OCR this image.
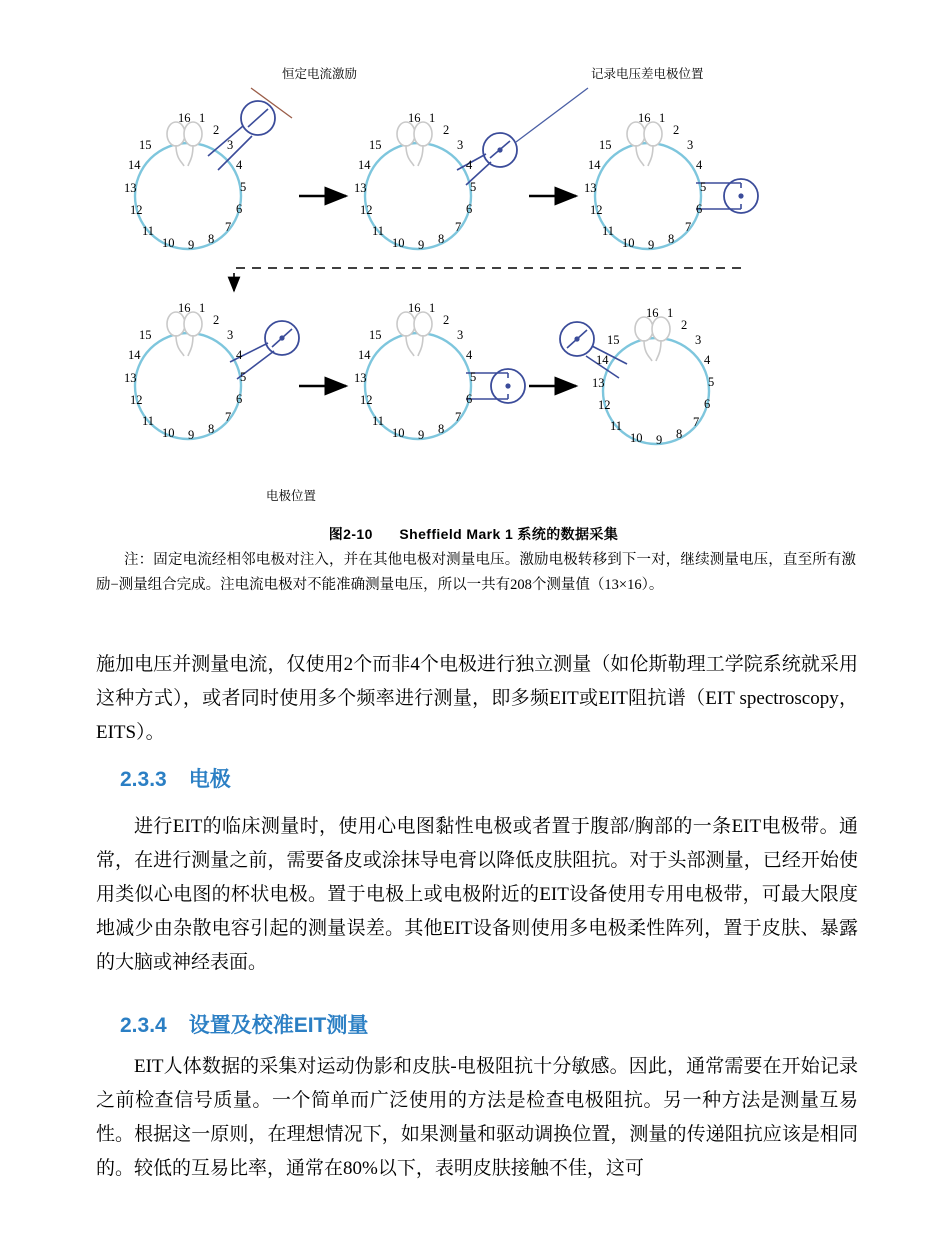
16 1
2
3
4
5
6
7
8
9
10
11
12
13
14
15
16 1
2
3
4
5
6
7
8
9
10
11
12
13
14
15
16 1
2
3
4
5
6
7
8
9
10
11
12
13
14
15
16 1
2
3
4
5
6
7
8
9
10
11
12
13
14
15
16 1
2
3
4
5
6
7
8
9
10
11
12
13
14
15
16 1
2
3
4
5
6
7
8
9
10
11
12
13
14
15
恒定电流激励	记录电压差电极位置
电极位置
图2-10 Sheffield Mark 1 系统的数据采集
注：固定电流经相邻电极对注入，并在其他电极对测量电压。激励电极转移到下一对，继续测量电压，直至所有激励−测量组合完成。注电流电极对不能准确测量电压，所以一共有208个测量值（13×16）。
施加电压并测量电流，仅使用2个而非4个电极进行独立测量（如伦斯勒理工学院系统就采用这种方式），或者同时使用多个频率进行测量，即多频EIT或EIT阻抗谱（EIT spectroscopy，EITS）。
2.3.3 电极
进行EIT的临床测量时，使用心电图黏性电极或者置于腹部/胸部的一条EIT电极带。通常，在进行测量之前，需要备皮或涂抹导电膏以降低皮肤阻抗。对于头部测量，已经开始使用类似心电图的杯状电极。置于电极上或电极附近的EIT设备使用专用电极带，可最大限度地减少由杂散电容引起的测量误差。其他EIT设备则使用多电极柔性阵列，置于皮肤、暴露的大脑或神经表面。
2.3.4 设置及校准EIT测量
EIT人体数据的采集对运动伪影和皮肤-电极阻抗十分敏感。因此，通常需要在开始记录之前检查信号质量。一个简单而广泛使用的方法是检查电极阻抗。另一种方法是测量互易性。根据这一原则，在理想情况下，如果测量和驱动调换位置，测量的传递阻抗应该是相同的。较低的互易比率，通常在80%以下，表明皮肤接触不佳，这可
